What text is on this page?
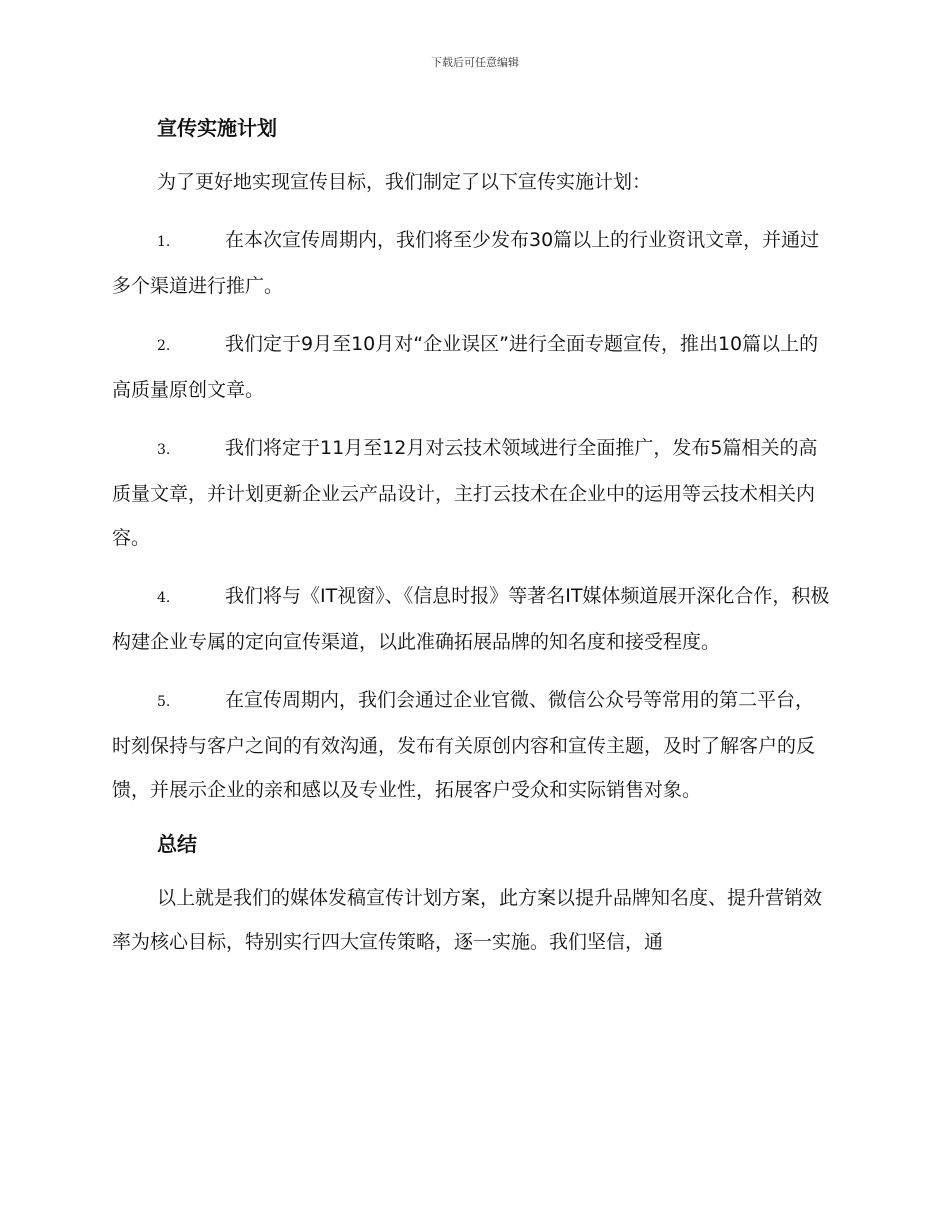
下载后可任意编辑
宣传实施计划

为了更好地实现宣传目标，我们制定了以下宣传实施计划：

1.	在本次宣传周期内，我们将至少发布30篇以上的行业资讯文章，并通过多个渠道进行推广。

2.	我们定于9月至10月对“企业误区”进行全面专题宣传，推出10篇以上的高质量原创文章。

3.	我们将定于11月至12月对云技术领域进行全面推广，发布5篇相关的高质量文章，并计划更新企业云产品设计，主打云技术在企业中的运用等云技术相关内容。

4.	我们将与《IT视窗》、《信息时报》等著名IT媒体频道展开深化合作，积极构建企业专属的定向宣传渠道，以此准确拓展品牌的知名度和接受程度。

5.	在宣传周期内，我们会通过企业官微、微信公众号等常用的第二平台，时刻保持与客户之间的有效沟通，发布有关原创内容和宣传主题，及时了解客户的反馈，并展示企业的亲和感以及专业性，拓展客户受众和实际销售对象。

总结

以上就是我们的媒体发稿宣传计划方案，此方案以提升品牌知名度、提升营销效率为核心目标，特别实行四大宣传策略，逐一实施。我们坚信，通
